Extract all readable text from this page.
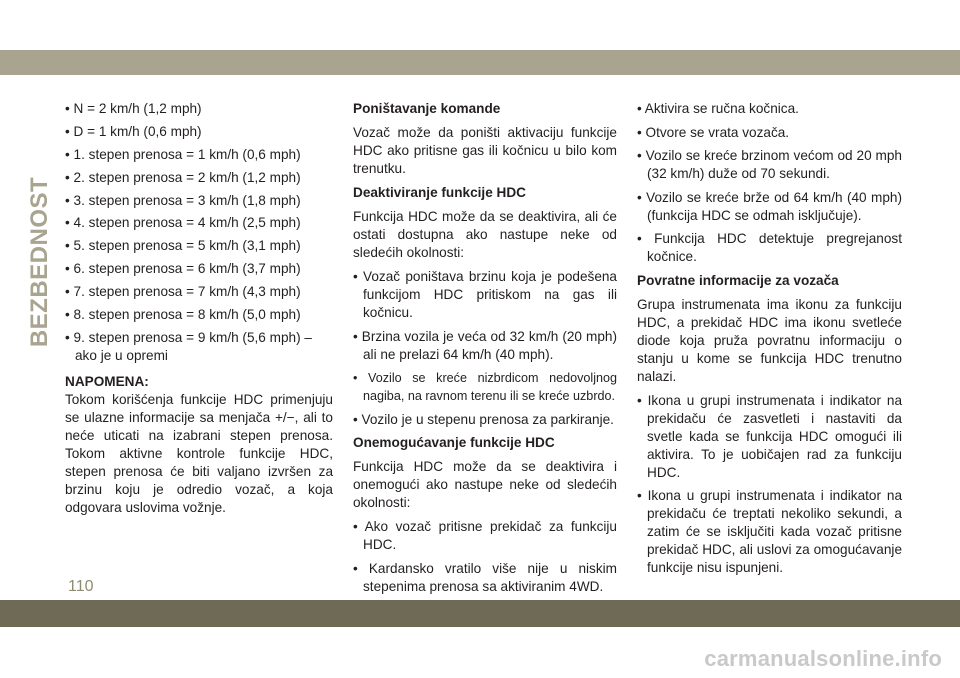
BEZBEDNOST
• N = 2 km/h (1,2 mph)
• D = 1 km/h (0,6 mph)
• 1. stepen prenosa = 1 km/h (0,6 mph)
• 2. stepen prenosa = 2 km/h (1,2 mph)
• 3. stepen prenosa = 3 km/h (1,8 mph)
• 4. stepen prenosa = 4 km/h (2,5 mph)
• 5. stepen prenosa = 5 km/h (3,1 mph)
• 6. stepen prenosa = 6 km/h (3,7 mph)
• 7. stepen prenosa = 7 km/h (4,3 mph)
• 8. stepen prenosa = 8 km/h (5,0 mph)
• 9. stepen prenosa = 9 km/h (5,6 mph) – ako je u opremi
NAPOMENA:
Tokom korišćenja funkcije HDC primenjuju se ulazne informacije sa menjača +/−, ali to neće uticati na izabrani stepen prenosa. Tokom aktivne kontrole funkcije HDC, stepen prenosa će biti valjano izvršen za brzinu koju je odredio vozač, a koja odgovara uslovima vožnje.
Poništavanje komande
Vozač može da poništi aktivaciju funkcije HDC ako pritisne gas ili kočnicu u bilo kom trenutku.
Deaktiviranje funkcije HDC
Funkcija HDC može da se deaktivira, ali će ostati dostupna ako nastupe neke od sledećih okolnosti:
• Vozač poništava brzinu koja je podešena funkcijom HDC pritiskom na gas ili kočnicu.
• Brzina vozila je veća od 32 km/h (20 mph) ali ne prelazi 64 km/h (40 mph).
• Vozilo se kreće nizbrdicom nedovoljnog nagiba, na ravnom terenu ili se kreće uzbrdo.
• Vozilo je u stepenu prenosa za parkiranje.
Onemogućavanje funkcije HDC
Funkcija HDC može da se deaktivira i onemogući ako nastupe neke od sledećih okolnosti:
• Ako vozač pritisne prekidač za funkciju HDC.
• Kardansko vratilo više nije u niskim stepenima prenosa sa aktiviranim 4WD.
• Aktivira se ručna kočnica.
• Otvore se vrata vozača.
• Vozilo se kreće brzinom većom od 20 mph (32 km/h) duže od 70 sekundi.
• Vozilo se kreće brže od 64 km/h (40 mph) (funkcija HDC se odmah isključuje).
• Funkcija HDC detektuje pregrejanost kočnice.
Povratne informacije za vozača
Grupa instrumenata ima ikonu za funkciju HDC, a prekidač HDC ima ikonu svetleće diode koja pruža povratnu informaciju o stanju u kome se funkcija HDC trenutno nalazi.
• Ikona u grupi instrumenata i indikator na prekidaču će zasvetleti i nastaviti da svetle kada se funkcija HDC omogući ili aktivira. To je uobičajen rad za funkciju HDC.
• Ikona u grupi instrumenata i indikator na prekidaču će treptati nekoliko sekundi, a zatim će se isključiti kada vozač pritisne prekidač HDC, ali uslovi za omogućavanje funkcije nisu ispunjeni.
110
carmanualsonline.info
